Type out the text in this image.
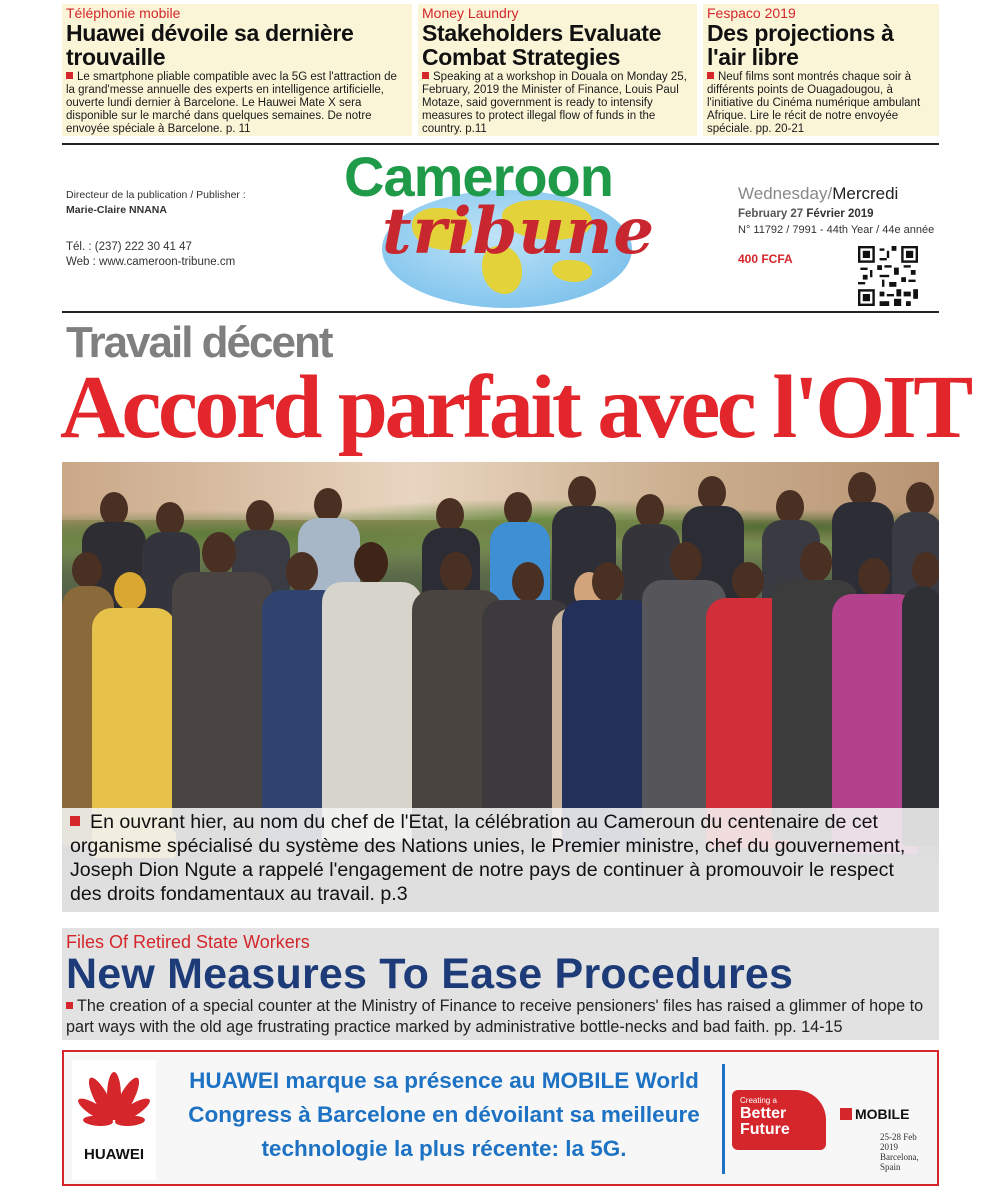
Téléphonie mobile
Huawei dévoile sa dernière trouvaille
Le smartphone pliable compatible avec la 5G est l'attraction de la grand'messe annuelle des experts en intelligence artificielle, ouverte lundi dernier à Barcelone. Le Hauwei Mate X sera disponible sur le marché dans quelques semaines. De notre envoyée spéciale à Barcelone. p. 11
Money Laundry
Stakeholders Evaluate Combat Strategies
Speaking at a workshop in Douala on Monday 25, February, 2019 the Minister of Finance, Louis Paul Motaze, said government is ready to intensify measures to protect illegal flow of funds in the country. p.11
Fespaco 2019
Des projections à l'air libre
Neuf films sont montrés chaque soir à différents points de Ouagadougou, à l'initiative du Cinéma numérique ambulant Afrique. Lire le récit de notre envoyée spéciale. pp. 20-21
Directeur de la publication / Publisher :
Marie-Claire NNANA
Tél. : (237) 222 30 41 47
Web : www.cameroon-tribune.cm
Cameroon
tribune
Wednesday/Mercredi
February 27 Février 2019
N° 11792 / 7991 - 44th Year / 44e année
400 FCFA
Travail décent
Accord parfait avec l'OIT
En ouvrant hier, au nom du chef de l'Etat, la célébration au Cameroun du centenaire de cet organisme spécialisé du système des Nations unies, le Premier ministre, chef du gouvernement, Joseph Dion Ngute a rappelé l'engagement de notre pays de continuer à promouvoir le respect des droits fondamentaux au travail. p.3
Files Of Retired State Workers
New Measures To Ease Procedures
The creation of a special counter at the Ministry of Finance to receive pensioners' files has raised a glimmer of hope to part ways with the old age frustrating practice marked by administrative bottle-necks and bad faith. pp. 14-15
HUAWEI
HUAWEI marque sa présence au MOBILE World
Congress à Barcelone en dévoilant sa meilleure
technologie la plus récente: la 5G.
Creating a
Better Future
MOBILE
25-28 Feb 2019
Barcelona, Spain
